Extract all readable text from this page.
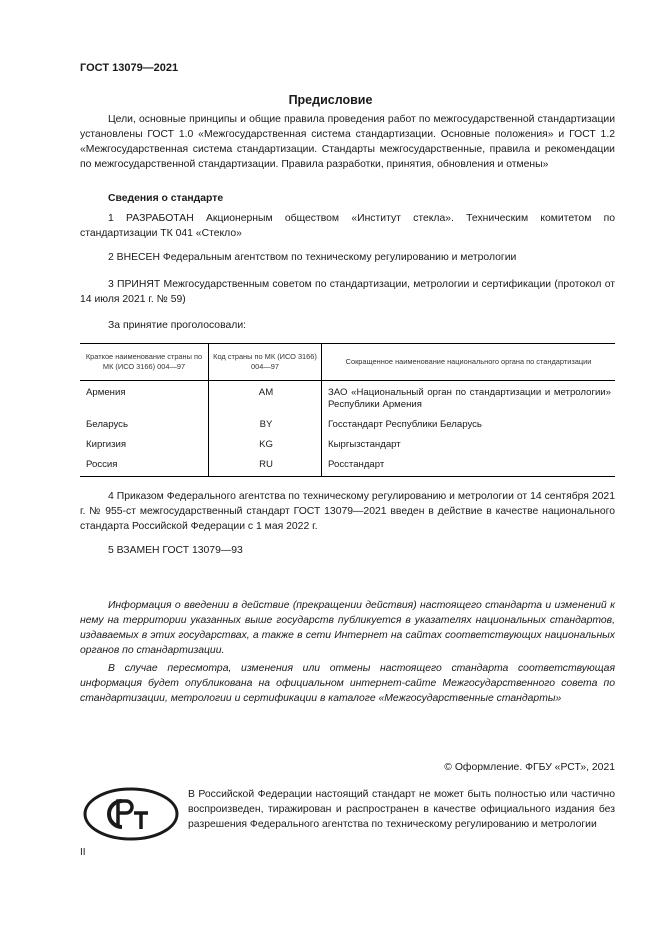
ГОСТ 13079—2021
Предисловие

Цели, основные принципы и общие правила проведения работ по межгосударственной стандартизации установлены ГОСТ 1.0 «Межгосударственная система стандартизации. Основные положения» и ГОСТ 1.2 «Межгосударственная система стандартизации. Стандарты межгосударственные, правила и рекомендации по межгосударственной стандартизации. Правила разработки, принятия, обновления и отмены»

Сведения о стандарте

1 РАЗРАБОТАН Акционерным обществом «Институт стекла». Техническим комитетом по стандартизации ТК 041 «Стекло»

2 ВНЕСЕН Федеральным агентством по техническому регулированию и метрологии

3 ПРИНЯТ Межгосударственным советом по стандартизации, метрологии и сертификации (протокол от 14 июля 2021 г. № 59)

За принятие проголосовали:

Краткое наименование страны по МК (ИСО 3166) 004—97	Код страны по МК (ИСО 3166) 004—97	Сокращенное наименование национального органа по стандартизации
Армения	AM	ЗАО «Национальный орган по стандартизации и метрологии» Республики Армения
Беларусь	BY	Госстандарт Республики Беларусь
Киргизия	KG	Кыргызстандарт
Россия	RU	Росстандарт

4 Приказом Федерального агентства по техническому регулированию и метрологии от 14 сентября 2021 г. № 955-ст межгосударственный стандарт ГОСТ 13079—2021 введен в действие в качестве национального стандарта Российской Федерации с 1 мая 2022 г.

5 ВЗАМЕН ГОСТ 13079—93

Информация о введении в действие (прекращении действия) настоящего стандарта и изменений к нему на территории указанных выше государств публикуется в указателях национальных стандартов, издаваемых в этих государствах, а также в сети Интернет на сайтах соответствующих национальных органов по стандартизации.

В случае пересмотра, изменения или отмены настоящего стандарта соответствующая информация будет опубликована на официальном интернет-сайте Межгосударственного совета по стандартизации, метрологии и сертификации в каталоге «Межгосударственные стандарты»

© Оформление. ФГБУ «РСТ», 2021

В Российской Федерации настоящий стандарт не может быть полностью или частично воспроизведен, тиражирован и распространен в качестве официального издания без разрешения Федерального агентства по техническому регулированию и метрологии

II
